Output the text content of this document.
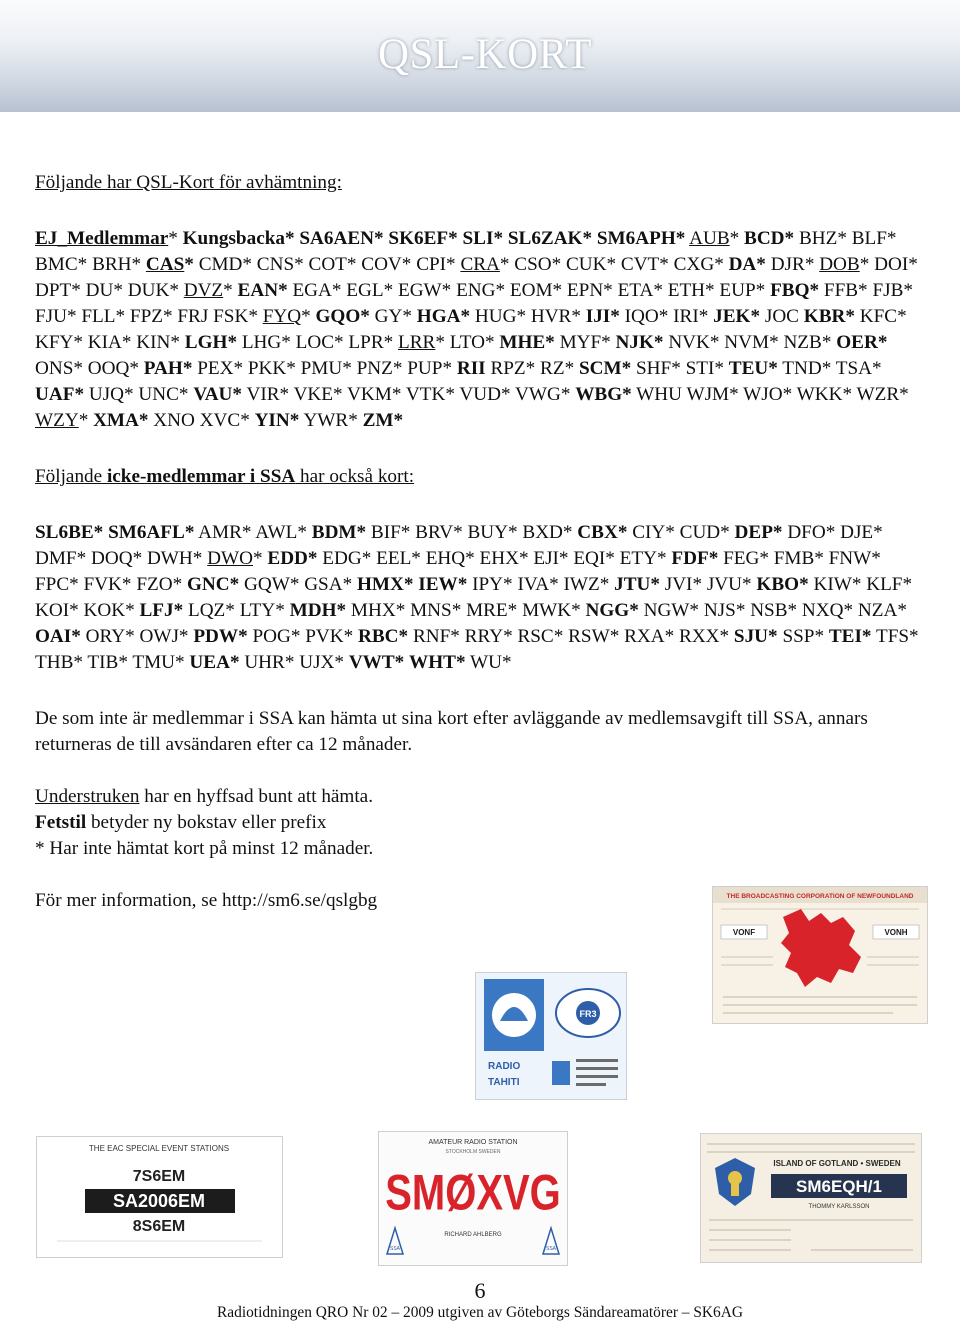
QSL-KORT

Följande har QSL-Kort för avhämtning:

EJ_Medlemmar* Kungsbacka* SA6AEN* SK6EF* SLI* SL6ZAK* SM6APH* AUB* BCD* BHZ* BLF* BMC* BRH* CAS* CMD* CNS* COT* COV* CPI* CRA* CSO* CUK* CVT* CXG* DA* DJR* DOB* DOI* DPT* DU* DUK* DVZ* EAN* EGA* EGL* EGW* ENG* EOM* EPN* ETA* ETH* EUP* FBQ* FFB* FJB* FJU* FLL* FPZ* FRJ FSK* FYQ* GQO* GY* HGA* HUG* HVR* IJI* IQO* IRI* JEK* JOC KBR* KFC* KFY* KIA* KIN* LGH* LHG* LOC* LPR* LRR* LTO* MHE* MYF* NJK* NVK* NVM* NZB* OER* ONS* OOQ* PAH* PEX* PKK* PMU* PNZ* PUP* RII RPZ* RZ* SCM* SHF* STI* TEU* TND* TSA* UAF* UJQ* UNC* VAU* VIR* VKE* VKM* VTK* VUD* VWG* WBG* WHU WJM* WJO* WKK* WZR* WZY* XMA* XNO XVC* YIN* YWR* ZM*

Följande icke-medlemmar i SSA har också kort:

SL6BE* SM6AFL* AMR* AWL* BDM* BIF* BRV* BUY* BXD* CBX* CIY* CUD* DEP* DFO* DJE* DMF* DOQ* DWH* DWO* EDD* EDG* EEL* EHQ* EHX* EJI* EQI* ETY* FDF* FEG* FMB* FNW* FPC* FVK* FZO* GNC* GQW* GSA* HMX* IEW* IPY* IVA* IWZ* JTU* JVI* JVU* KBO* KIW* KLF* KOI* KOK* LFJ* LQZ* LTY* MDH* MHX* MNS* MRE* MWK* NGG* NGW* NJS* NSB* NXQ* NZA* OAI* ORY* OWJ* PDW* POG* PVK* RBC* RNF* RRY* RSC* RSW* RXA* RXX* SJU* SSP* TEI* TFS* THB* TIB* TMU* UEA* UHR* UJX* VWT* WHT* WU*

De som inte är medlemmar i SSA kan hämta ut sina kort efter avläggande av medlemsavgift till SSA, annars returneras de till avsändaren efter ca 12 månader.

Understruken har en hyffsad bunt att hämta.

Fetstil betyder ny bokstav eller prefix

* Har inte hämtat kort på minst 12 månader.

För mer information, se http://sm6.se/qslgbg	THE BROADCASTING CORPORATION OF NEWFOUNDLAND
VONF	VONH
FR3
RADIO
TAHITI
THE EAC SPECIAL EVENT STATIONS
7S6EM
SA2006EM
8S6EM
AMATEUR RADIO STATION
STOCKHOLM SWEDEN
SMØXVG
RICHARD AHLBERG
SSA	SSA
ISLAND OF GOTLAND • SWEDEN
SM6EQH/1
THOMMY KARLSSON
6
Radiotidningen QRO Nr 02 – 2009 utgiven av Göteborgs Sändareamatörer – SK6AG
